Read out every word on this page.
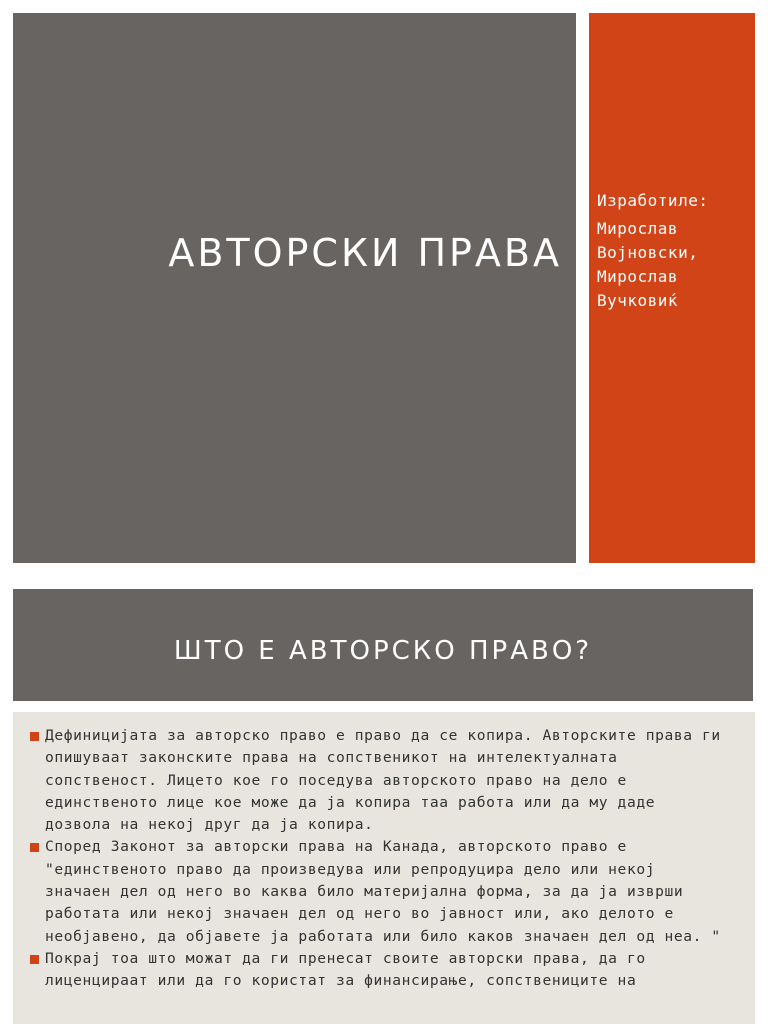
АВТОРСКИ ПРАВА
Изработиле:
Мирослав
Војновски,
Мирослав
Вучковиќ
ШТО Е АВТОРСКО ПРАВО?
Дефиницијата за авторско право е право да се копира. Авторските права ги опишуваат законските права на сопственикот на интелектуалната сопственост. Лицето кое го поседува авторското право на дело е единственото лице кое може да ја копира таа работа или да му даде дозвола на некој друг да ја копира.
Според Законот за авторски права на Канада, авторското право е "единственото право да произведува или репродуцира дело или некој значаен дел од него во каква било материјална форма, за да ја изврши работата или некој значаен дел од него во јавност или, ако делото е необјавено, да објавете ја работата или било каков значаен дел од неа. "
Покрај тоа што можат да ги пренесат своите авторски права, да го лиценцираат или да го користат за финансирање, сопствениците на
